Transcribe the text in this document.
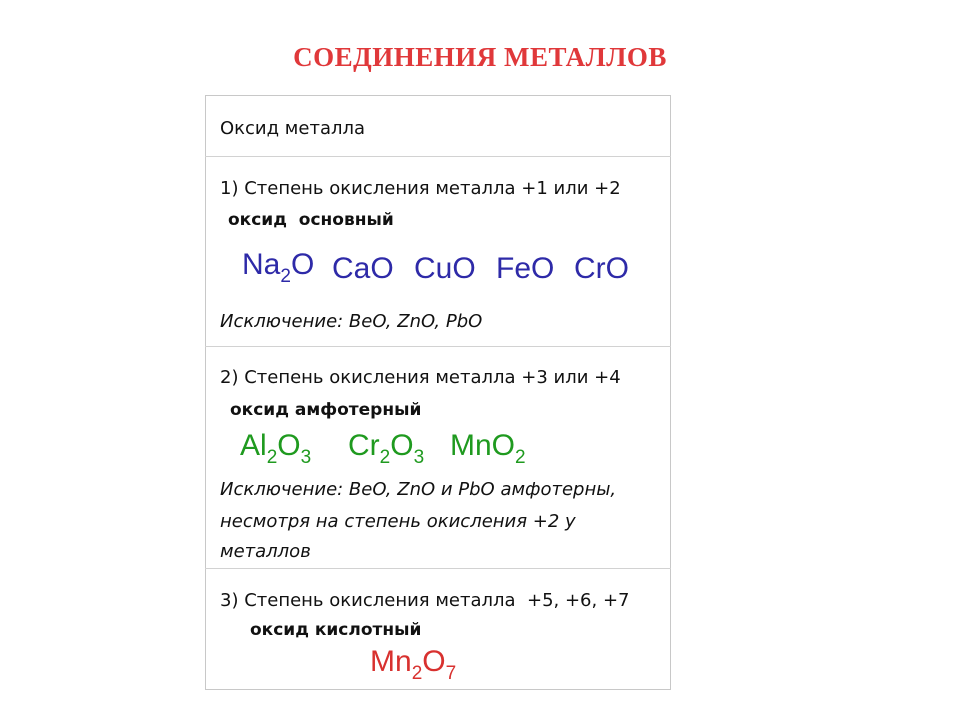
СОЕДИНЕНИЯ МЕТАЛЛОВ
Оксид металла
1) Степень окисления металла +1 или +2
оксид  основный
$Na_2O$ CaO CuO FeO CrO
Исключение: BeO, ZnO, PbO
2) Степень окисления металла +3 или +4
оксид амфотерный
$Al_2O_3$ $Cr_2O_3$ MnO$_2$
Исключение: BeO, ZnO и PbO амфотерны,
несмотря на степень окисления +2 у
металлов
3) Степень окисления металла  +5, +6, +7
оксид кислотный
$Mn_2O_7$
